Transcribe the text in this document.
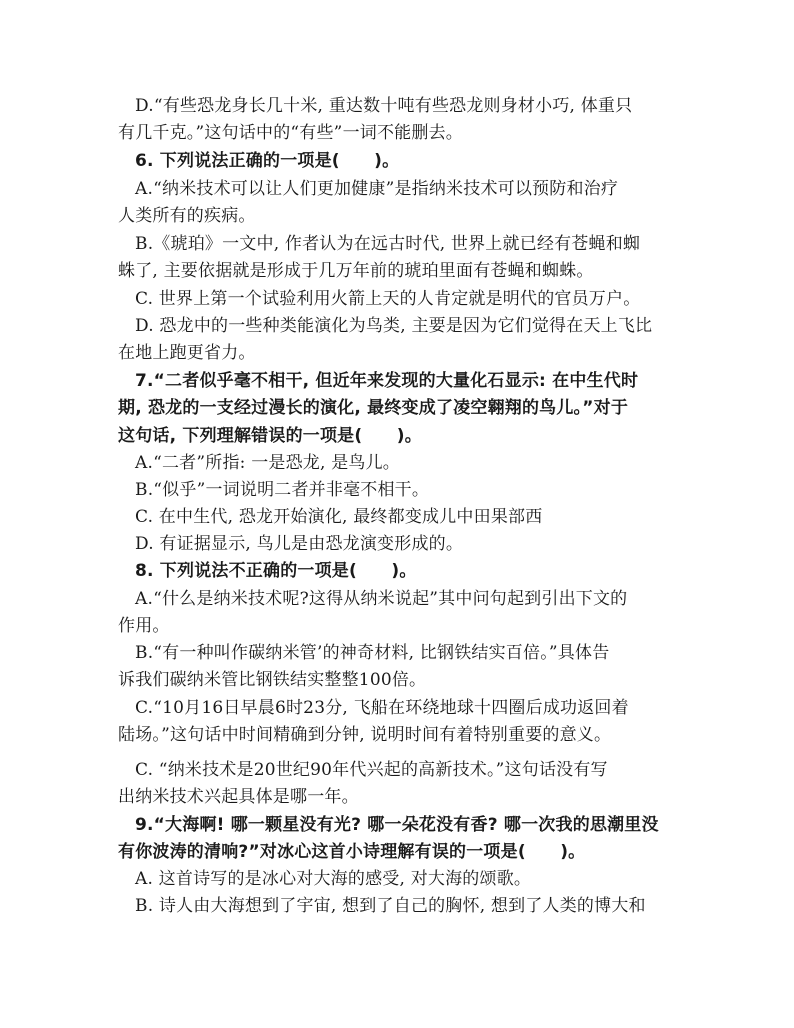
D.“有些恐龙身长几十米, 重达数十吨有些恐龙则身材小巧, 体重只
有几千克。”这句话中的“有些”一词不能删去。
6. 下列说法正确的一项是(　　)。
A.“纳米技术可以让人们更加健康”是指纳米技术可以预防和治疗
人类所有的疾病。
B.《琥珀》一文中, 作者认为在远古时代, 世界上就已经有苍蝇和蜘
蛛了, 主要依据就是形成于几万年前的琥珀里面有苍蝇和蜘蛛。
C. 世界上第一个试验利用火箭上天的人肯定就是明代的官员万户。
D. 恐龙中的一些种类能演化为鸟类, 主要是因为它们觉得在天上飞比
在地上跑更省力。
7.“二者似乎毫不相干, 但近年来发现的大量化石显示: 在中生代时
期, 恐龙的一支经过漫长的演化, 最终变成了凌空翱翔的鸟儿。”对于
这句话, 下列理解错误的一项是(　　)。
A.“二者”所指: 一是恐龙, 是鸟儿。
B.“似乎”一词说明二者并非毫不相干。
C. 在中生代, 恐龙开始演化, 最终都变成儿中田果部西
D. 有证据显示, 鸟儿是由恐龙演变形成的。
8. 下列说法不正确的一项是(　　)。
A.“什么是纳米技术呢?这得从纳米说起”其中问句起到引出下文的
作用。
B.“有一种叫作碳纳米管’的神奇材料, 比钢铁结实百倍。”具体告
诉我们碳纳米管比钢铁结实整整100倍。
C.“10月16日早晨6时23分, 飞船在环绕地球十四圈后成功返回着
陆场。”这句话中时间精确到分钟, 说明时间有着特别重要的意义。
C. “纳米技术是20世纪90年代兴起的高新技术。”这句话没有写
出纳米技术兴起具体是哪一年。
9.“大海啊! 哪一颗星没有光? 哪一朵花没有香? 哪一次我的思潮里没
有你波涛的清响?”对冰心这首小诗理解有误的一项是(　　)。
A. 这首诗写的是冰心对大海的感受, 对大海的颂歌。
B. 诗人由大海想到了宇宙, 想到了自己的胸怀, 想到了人类的博大和
